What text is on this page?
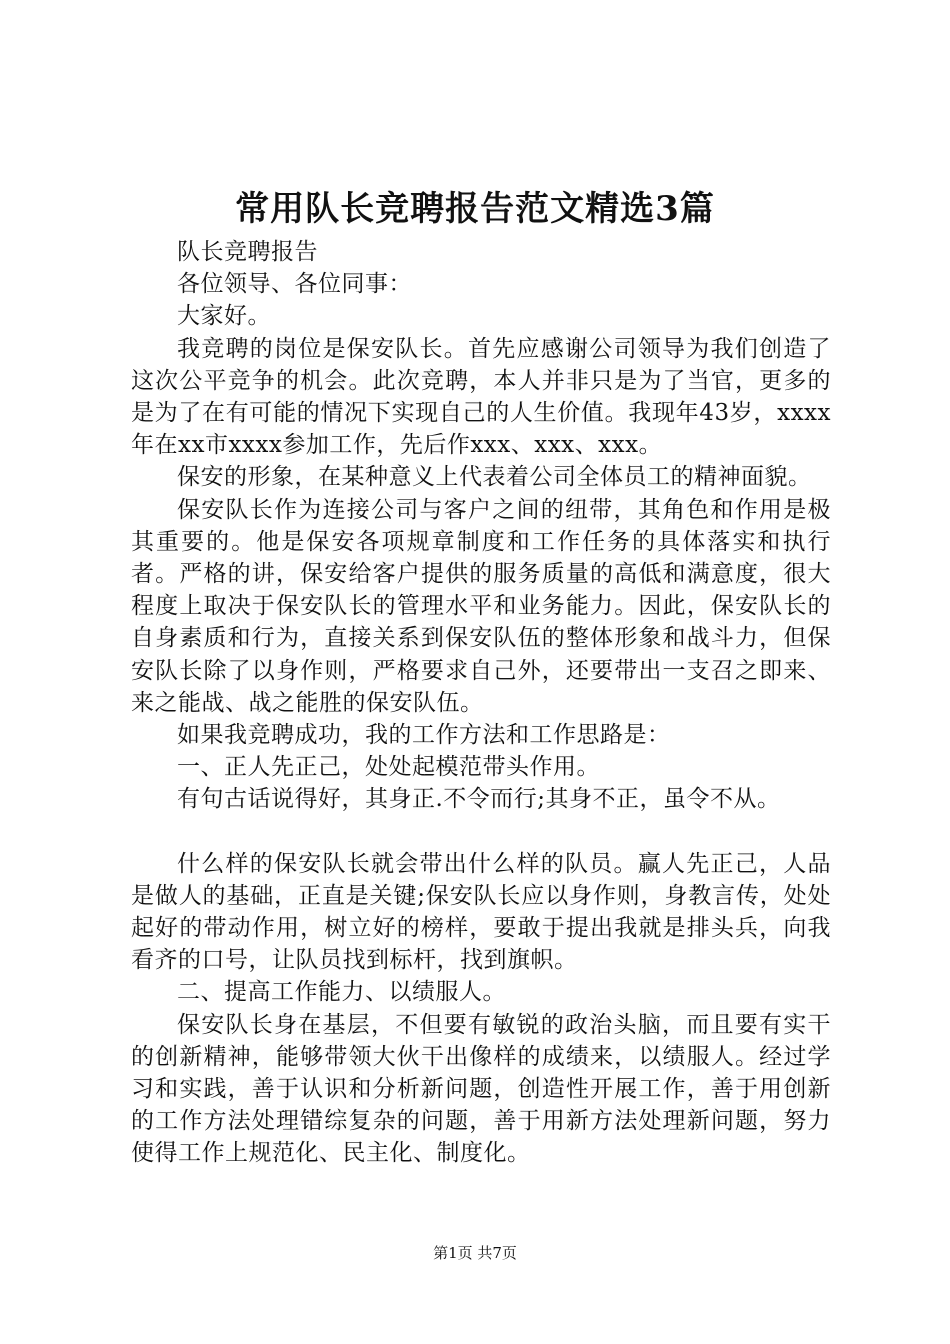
常用队长竞聘报告范文精选3篇

队长竞聘报告

各位领导、各位同事：

大家好。

我竞聘的岗位是保安队长。首先应感谢公司领导为我们创造了这次公平竞争的机会。此次竞聘，本人并非只是为了当官，更多的是为了在有可能的情况下实现自己的人生价值。我现年43岁，xxxx年在xx市xxxx参加工作，先后作xxx、xxx、xxx。

保安的形象，在某种意义上代表着公司全体员工的精神面貌。

保安队长作为连接公司与客户之间的纽带，其角色和作用是极其重要的。他是保安各项规章制度和工作任务的具体落实和执行者。严格的讲，保安给客户提供的服务质量的高低和满意度，很大程度上取决于保安队长的管理水平和业务能力。因此，保安队长的自身素质和行为，直接关系到保安队伍的整体形象和战斗力，但保安队长除了以身作则，严格要求自己外，还要带出一支召之即来、来之能战、战之能胜的保安队伍。

如果我竞聘成功，我的工作方法和工作思路是：

一、正人先正己，处处起模范带头作用。

有句古话说得好，其身正.不令而行;其身不正，虽令不从。

什么样的保安队长就会带出什么样的队员。赢人先正己，人品是做人的基础，正直是关键;保安队长应以身作则，身教言传，处处起好的带动作用，树立好的榜样，要敢于提出我就是排头兵，向我看齐的口号，让队员找到标杆，找到旗帜。

二、提高工作能力、以绩服人。

保安队长身在基层，不但要有敏锐的政治头脑，而且要有实干的创新精神，能够带领大伙干出像样的成绩来，以绩服人。经过学习和实践，善于认识和分析新问题，创造性开展工作，善于用创新的工作方法处理错综复杂的问题，善于用新方法处理新问题，努力使得工作上规范化、民主化、制度化。

第1页 共7页
